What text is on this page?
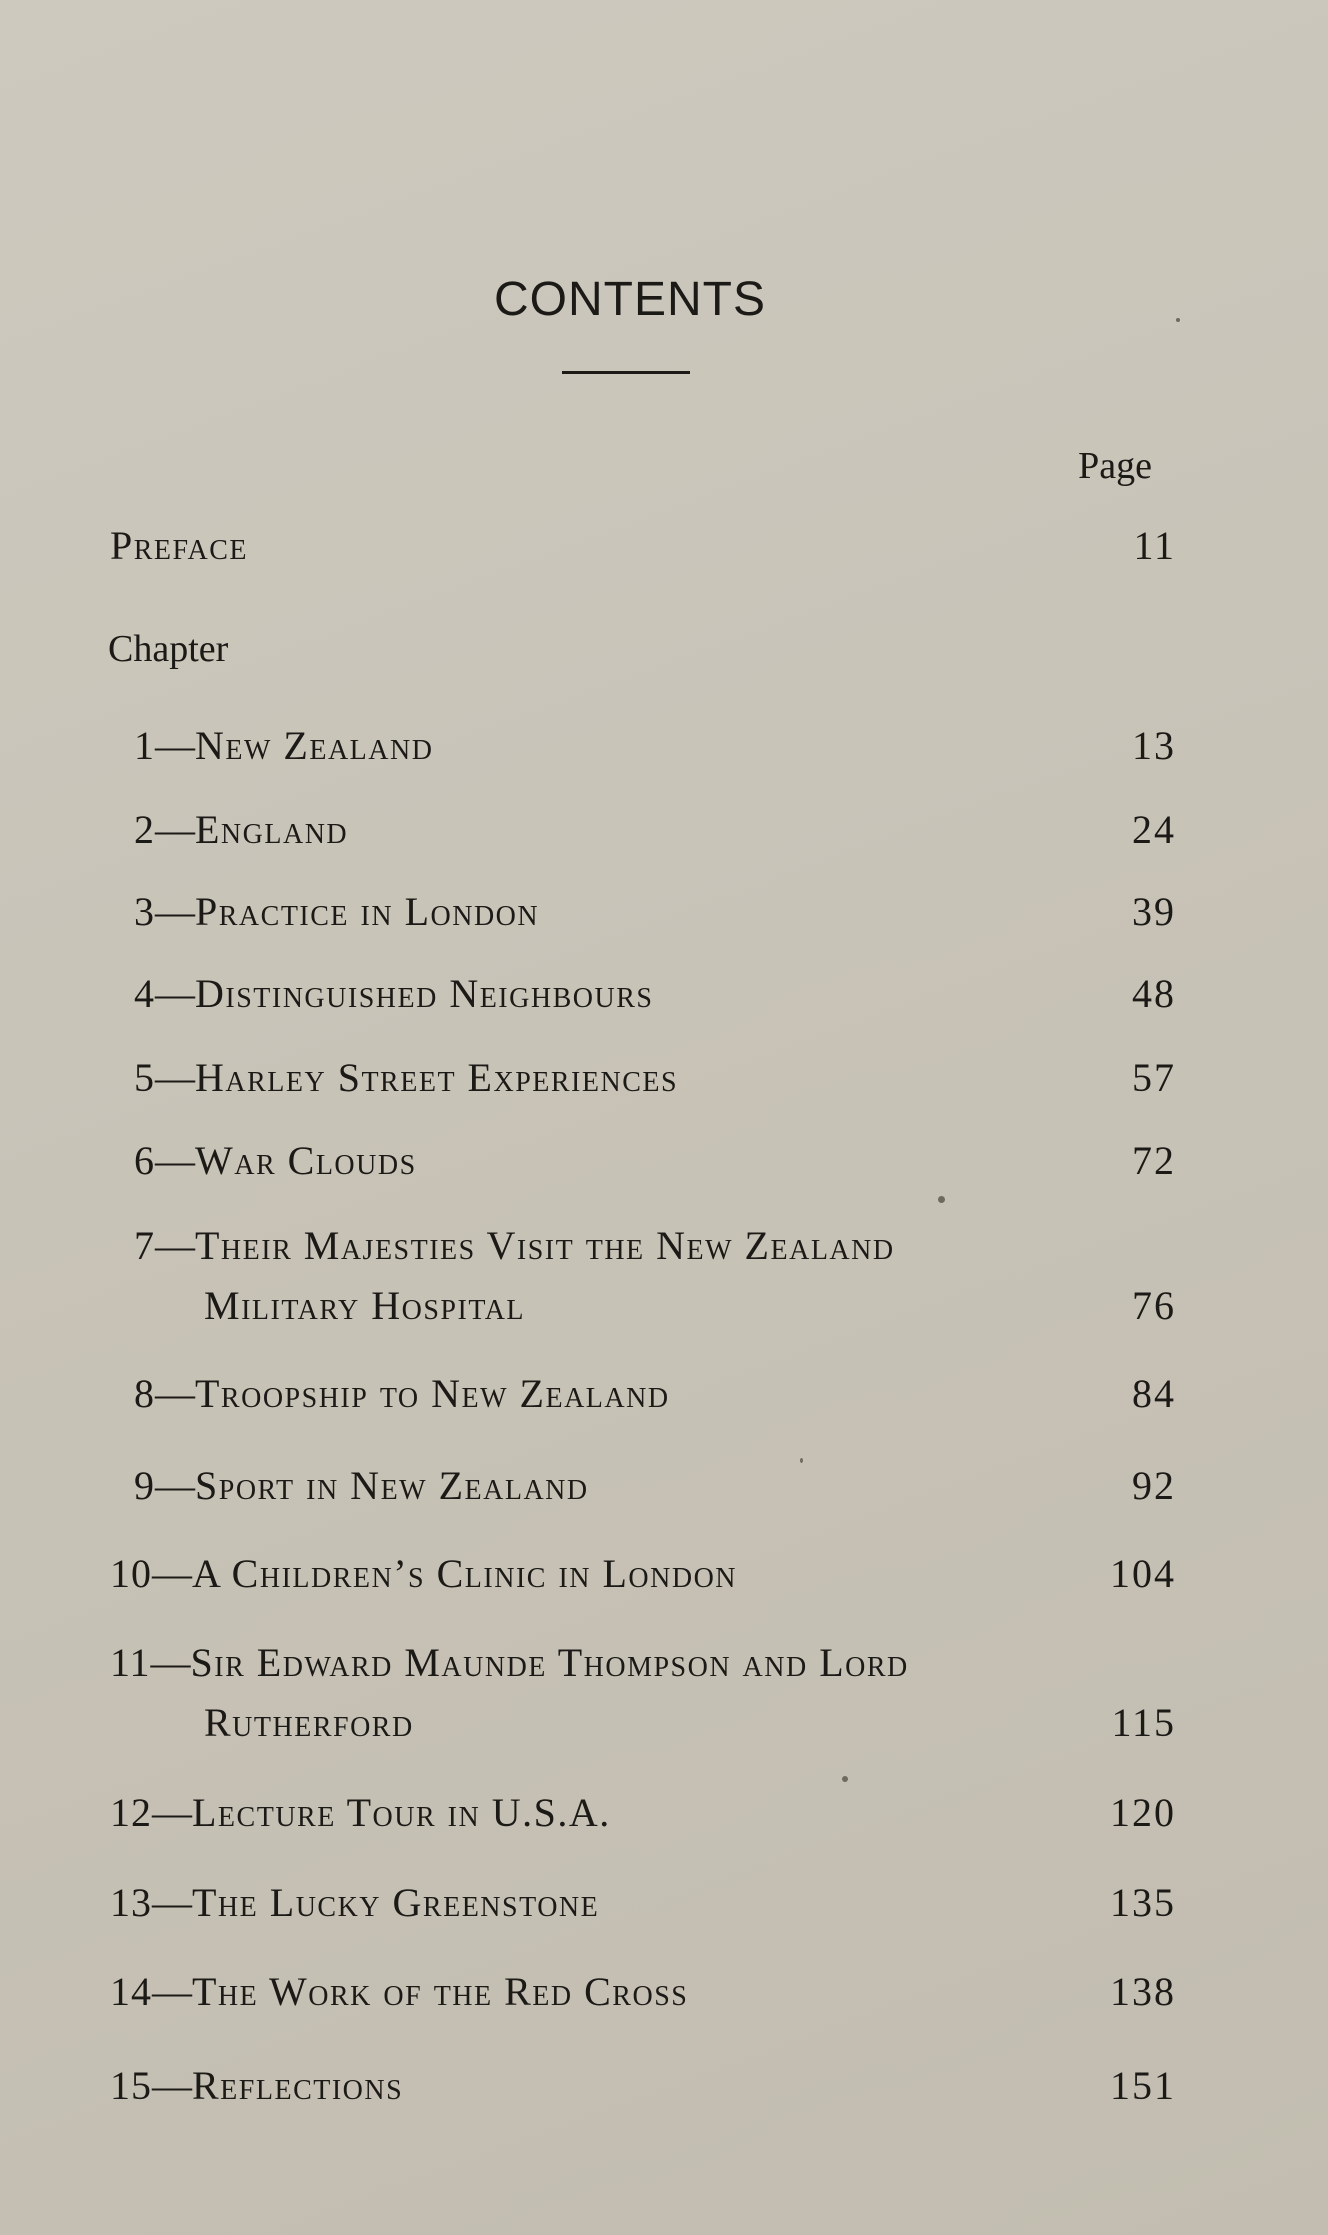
CONTENTS
Page
Preface	11
Chapter
1—New Zealand	13
2—England	24
3—Practice in London	39
4—Distinguished Neighbours	48
5—Harley Street Experiences	57
6—War Clouds	72
7—Their Majesties Visit the New Zealand
Military Hospital	76
8—Troopship to New Zealand	84
9—Sport in New Zealand	92
10—A Children’s Clinic in London	104
11—Sir Edward Maunde Thompson and Lord
Rutherford	115
12—Lecture Tour in U.S.A.	120
13—The Lucky Greenstone	135
14—The Work of the Red Cross	138
15—Reflections	151
